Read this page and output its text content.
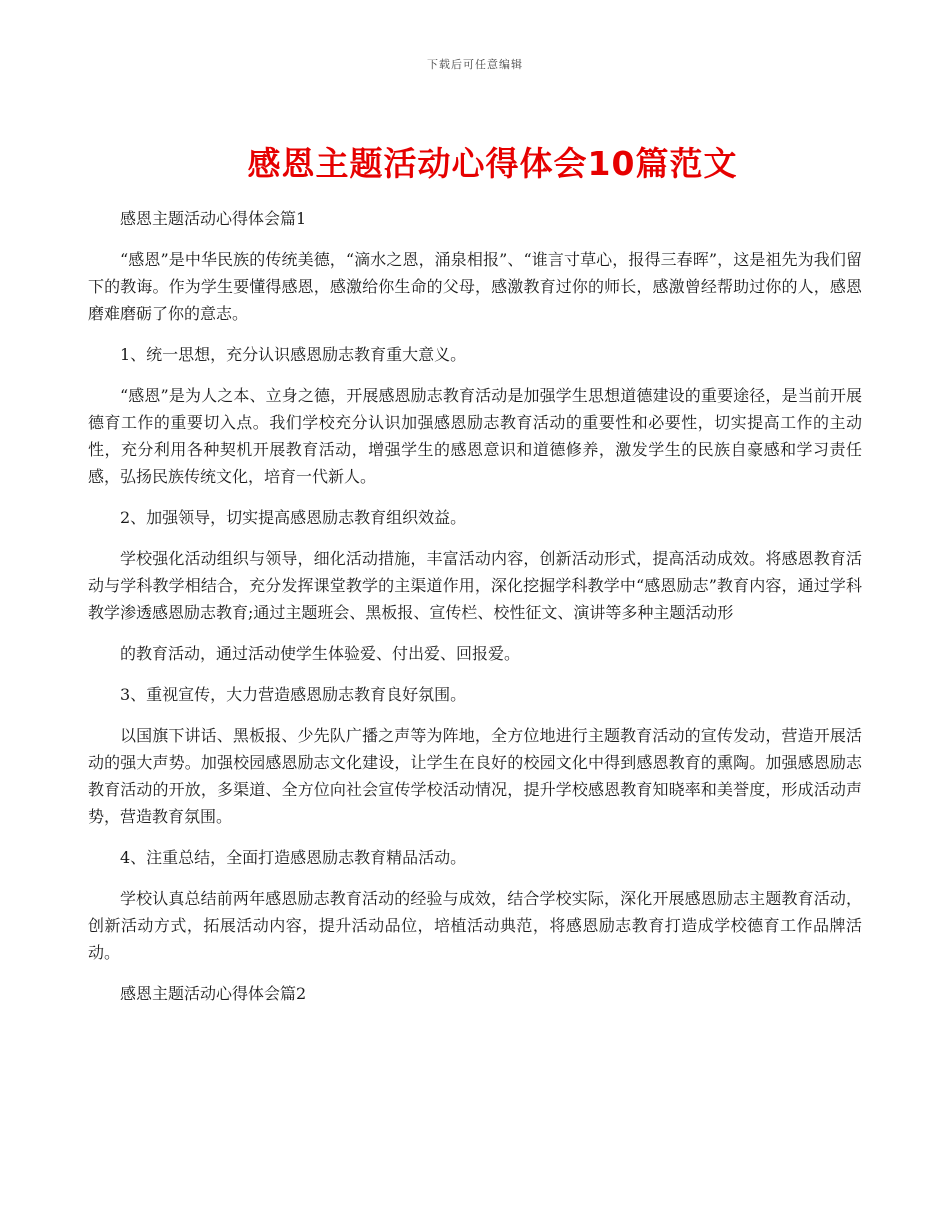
下载后可任意编辑
感恩主题活动心得体会10篇范文

感恩主题活动心得体会篇1

“感恩”是中华民族的传统美德，“滴水之恩，涌泉相报”、“谁言寸草心，报得三春晖”，这是祖先为我们留下的教诲。作为学生要懂得感恩，感激给你生命的父母，感激教育过你的师长，感激曾经帮助过你的人，感恩磨难磨砺了你的意志。

1、统一思想，充分认识感恩励志教育重大意义。

“感恩”是为人之本、立身之德，开展感恩励志教育活动是加强学生思想道德建设的重要途径，是当前开展德育工作的重要切入点。我们学校充分认识加强感恩励志教育活动的重要性和必要性，切实提高工作的主动性，充分利用各种契机开展教育活动，增强学生的感恩意识和道德修养，激发学生的民族自豪感和学习责任感，弘扬民族传统文化，培育一代新人。

2、加强领导，切实提高感恩励志教育组织效益。

学校强化活动组织与领导，细化活动措施，丰富活动内容，创新活动形式，提高活动成效。将感恩教育活动与学科教学相结合，充分发挥课堂教学的主渠道作用，深化挖掘学科教学中“感恩励志”教育内容，通过学科教学渗透感恩励志教育;通过主题班会、黑板报、宣传栏、校性征文、演讲等多种主题活动形

的教育活动，通过活动使学生体验爱、付出爱、回报爱。

3、重视宣传，大力营造感恩励志教育良好氛围。

以国旗下讲话、黑板报、少先队广播之声等为阵地，全方位地进行主题教育活动的宣传发动，营造开展活动的强大声势。加强校园感恩励志文化建设，让学生在良好的校园文化中得到感恩教育的熏陶。加强感恩励志教育活动的开放，多渠道、全方位向社会宣传学校活动情况，提升学校感恩教育知晓率和美誉度，形成活动声势，营造教育氛围。

4、注重总结，全面打造感恩励志教育精品活动。

学校认真总结前两年感恩励志教育活动的经验与成效，结合学校实际，深化开展感恩励志主题教育活动，创新活动方式，拓展活动内容，提升活动品位，培植活动典范，将感恩励志教育打造成学校德育工作品牌活动。

感恩主题活动心得体会篇2
